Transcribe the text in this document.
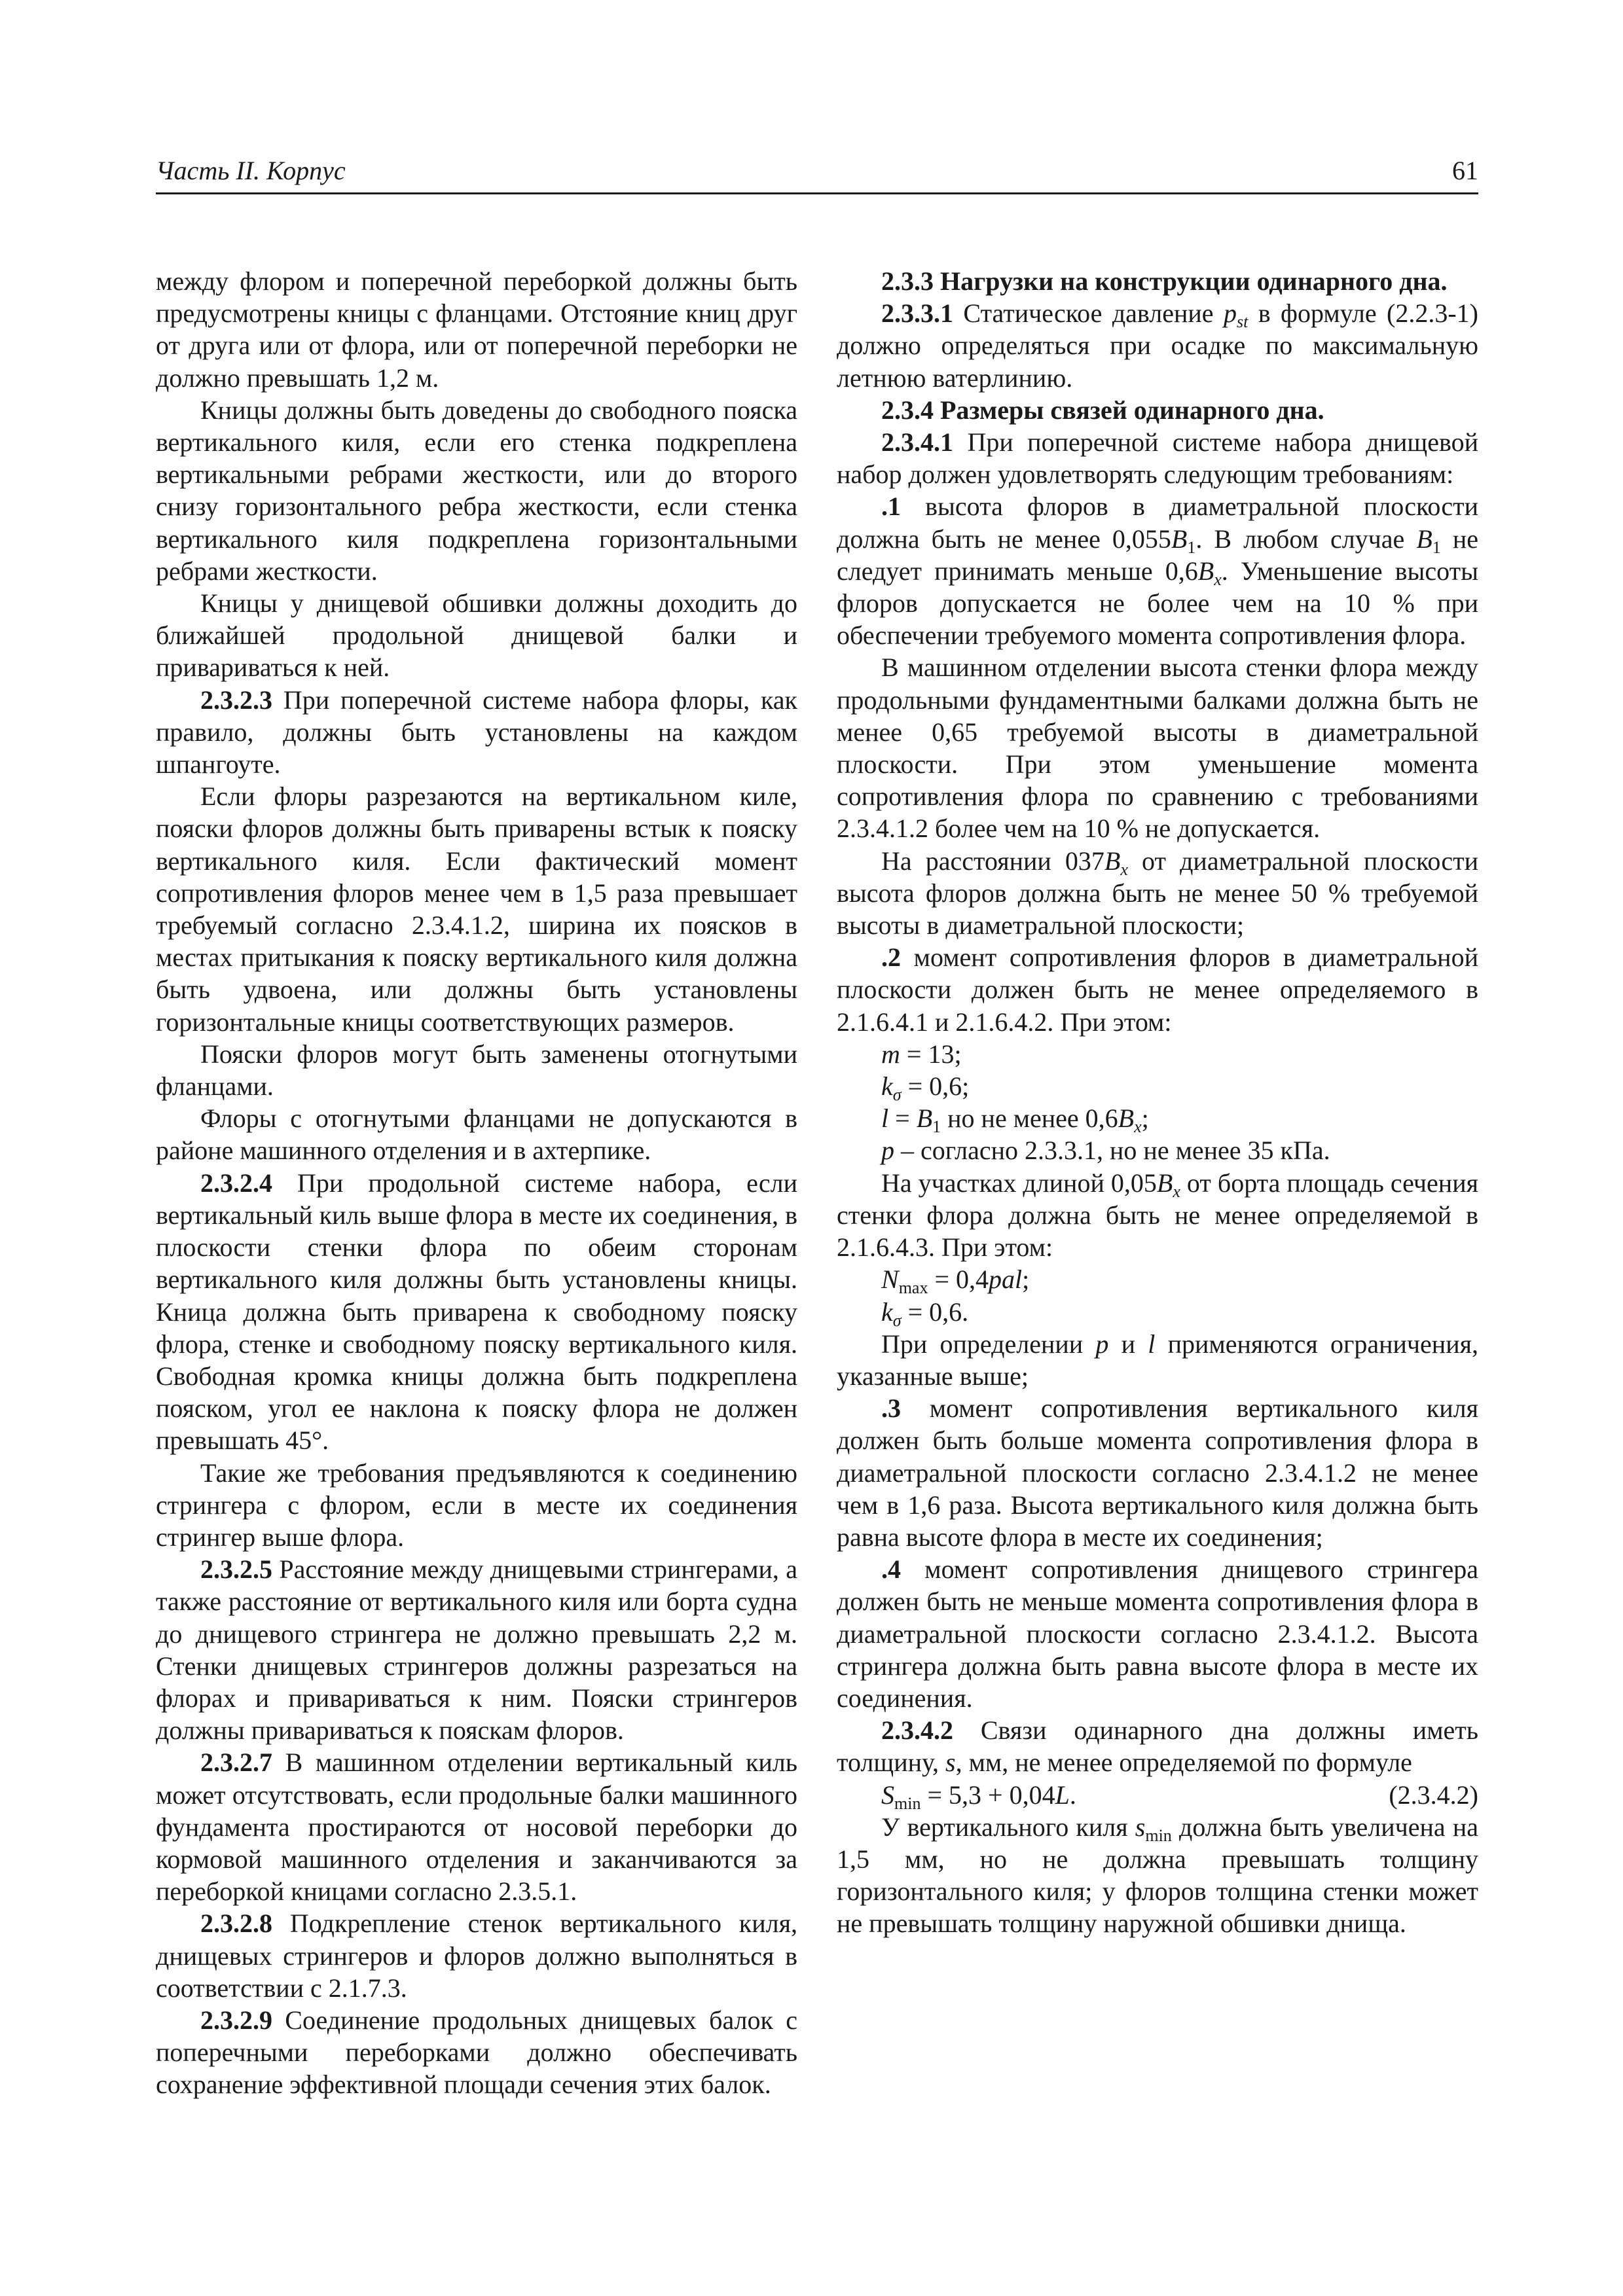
Часть II. Корпус	61

между флором и поперечной переборкой должны быть предусмотрены кницы с фланцами. Отстояние книц друг от друга или от флора, или от поперечной переборки не должно превышать 1,2 м.

Кницы должны быть доведены до свободного пояска вертикального киля, если его стенка подкреплена вертикальными ребрами жесткости, или до второго снизу горизонтального ребра жесткости, если стенка вертикального киля подкреплена горизонтальными ребрами жесткости.

Кницы у днищевой обшивки должны доходить до ближайшей продольной днищевой балки и привариваться к ней.

2.3.2.3 При поперечной системе набора флоры, как правило, должны быть установлены на каждом шпангоуте.

Если флоры разрезаются на вертикальном киле, пояски флоров должны быть приварены встык к пояску вертикального киля. Если фактический момент сопротивления флоров менее чем в 1,5 раза превышает требуемый согласно 2.3.4.1.2, ширина их поясков в местах притыкания к пояску вертикального киля должна быть удвоена, или должны быть установлены горизонтальные кницы соответствующих размеров.

Пояски флоров могут быть заменены отогнутыми фланцами.

Флоры с отогнутыми фланцами не допускаются в районе машинного отделения и в ахтерпике.

2.3.2.4 При продольной системе набора, если вертикальный киль выше флора в месте их соединения, в плоскости стенки флора по обеим сторонам вертикального киля должны быть установлены кницы. Кница должна быть приварена к свободному пояску флора, стенке и свободному пояску вертикального киля. Свободная кромка кницы должна быть подкреплена пояском, угол ее наклона к пояску флора не должен превышать 45°.

Такие же требования предъявляются к соединению стрингера с флором, если в месте их соединения стрингер выше флора.

2.3.2.5 Расстояние между днищевыми стрингерами, а также расстояние от вертикального киля или борта судна до днищевого стрингера не должно превышать 2,2 м. Стенки днищевых стрингеров должны разрезаться на флорах и привариваться к ним. Пояски стрингеров должны привариваться к пояскам флоров.

2.3.2.7 В машинном отделении вертикальный киль может отсутствовать, если продольные балки машинного фундамента простираются от носовой переборки до кормовой машинного отделения и заканчиваются за переборкой кницами согласно 2.3.5.1.

2.3.2.8 Подкрепление стенок вертикального киля, днищевых стрингеров и флоров должно выполняться в соответствии с 2.1.7.3.

2.3.2.9 Соединение продольных днищевых балок с поперечными переборками должно обеспечивать сохранение эффективной площади сечения этих балок.

2.3.3 Нагрузки на конструкции одинарного дна.

2.3.3.1 Статическое давление $p_{st}$ в формуле (2.2.3-1) должно определяться при осадке по максимальную летнюю ватерлинию.

2.3.4 Размеры связей одинарного дна.

2.3.4.1 При поперечной системе набора днищевой набор должен удовлетворять следующим требованиям:

.1 высота флоров в диаметральной плоскости должна быть не менее $0,055B_1$. В любом случае $B_1$ не следует принимать меньше $0,6B_x$. Уменьшение высоты флоров допускается не более чем на 10 % при обеспечении требуемого момента сопротивления флора.

В машинном отделении высота стенки флора между продольными фундаментными балками должна быть не менее 0,65 требуемой высоты в диаметральной плоскости. При этом уменьшение момента сопротивления флора по сравнению с требованиями 2.3.4.1.2 более чем на 10 % не допускается.

На расстоянии $037B_x$ от диаметральной плоскости высота флоров должна быть не менее 50 % требуемой высоты в диаметральной плоскости;

.2 момент сопротивления флоров в диаметральной плоскости должен быть не менее определяемого в 2.1.6.4.1 и 2.1.6.4.2. При этом:

m = 13;

$k_\sigma = 0,6$;

$l = B_1$ но не менее $0,6B_x$;

p – согласно 2.3.3.1, но не менее 35 кПа.

На участках длиной $0,05B_x$ от борта площадь сечения стенки флора должна быть не менее определяемой в 2.1.6.4.3. При этом:

$N_{max} = 0,4pal$;

$k_\sigma = 0,6$.

При определении p и l применяются ограничения, указанные выше;

.3 момент сопротивления вертикального киля должен быть больше момента сопротивления флора в диаметральной плоскости согласно 2.3.4.1.2 не менее чем в 1,6 раза. Высота вертикального киля должна быть равна высоте флора в месте их соединения;

.4 момент сопротивления днищевого стрингера должен быть не меньше момента сопротивления флора в диаметральной плоскости согласно 2.3.4.1.2. Высота стрингера должна быть равна высоте флора в месте их соединения.

2.3.4.2 Связи одинарного дна должны иметь толщину, s, мм, не менее определяемой по формуле

$S_{min} = 5,3 + 0,04L$.	(2.3.4.2)

У вертикального киля $s_{min}$ должна быть увеличена на 1,5 мм, но не должна превышать толщину горизонтального киля; у флоров толщина стенки может не превышать толщину наружной обшивки днища.
